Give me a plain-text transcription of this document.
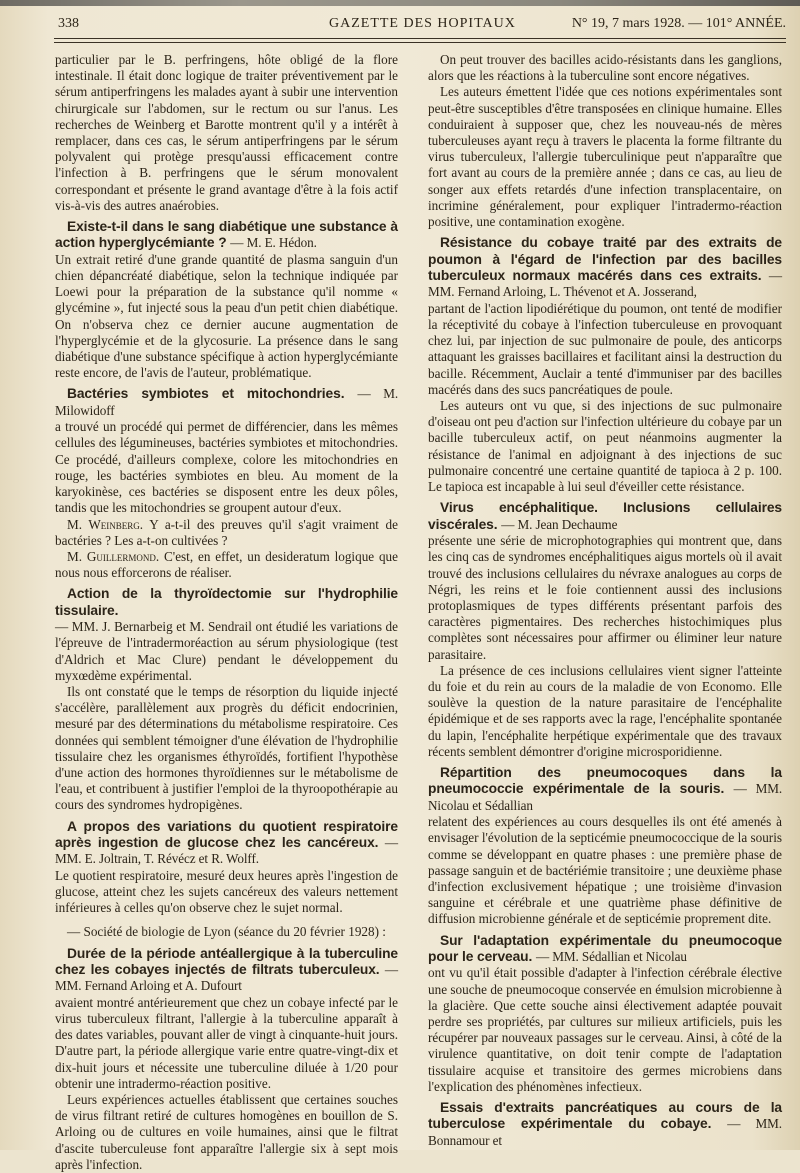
338	GAZETTE DES HOPITAUX	N° 19, 7 mars 1928. — 101° ANNÉE.

particulier par le B. perfringens, hôte obligé de la flore intestinale. Il était donc logique de traiter préventivement par le sérum antiperfringens les malades ayant à subir une intervention chirurgicale sur l'abdomen, sur le rectum ou sur l'anus. Les recherches de Weinberg et Barotte montrent qu'il y a intérêt à remplacer, dans ces cas, le sérum antiperfringens par le sérum polyvalent qui protège presqu'aussi efficacement contre l'infection à B. perfringens que le sérum monovalent correspondant et présente le grand avantage d'être à la fois actif vis-à-vis des autres anaérobies.

Existe-t-il dans le sang diabétique une substance à action hyperglycémiante ? — M. E. Hédon.

Un extrait retiré d'une grande quantité de plasma sanguin d'un chien dépancréaté diabétique, selon la technique indiquée par Loewi pour la préparation de la substance qu'il nomme « glycémine », fut injecté sous la peau d'un petit chien diabétique. On n'observa chez ce dernier aucune augmentation de l'hyperglycémie et de la glycosurie. La présence dans le sang diabétique d'une substance spécifique à action hyperglycémiante reste encore, de l'avis de l'auteur, problématique.

Bactéries symbiotes et mitochondries. — M. Milowidoff

a trouvé un procédé qui permet de différencier, dans les mêmes cellules des légumineuses, bactéries symbiotes et mitochondries. Ce procédé, d'ailleurs complexe, colore les mitochondries en rouge, les bactéries symbiotes en bleu. Au moment de la karyokinèse, ces bactéries se disposent entre les deux pôles, tandis que les mitochondries se groupent autour d'eux.

M. Weinberg. Y a-t-il des preuves qu'il s'agit vraiment de bactéries ? Les a-t-on cultivées ?

M. Guillermond. C'est, en effet, un desideratum logique que nous nous efforcerons de réaliser.

Action de la thyroïdectomie sur l'hydrophilie tissulaire.

— MM. J. Bernarbeig et M. Sendrail ont étudié les variations de l'épreuve de l'intradermoréaction au sérum physiologique (test d'Aldrich et Mac Clure) pendant le développement du myxœdème expérimental.

Ils ont constaté que le temps de résorption du liquide injecté s'accélère, parallèlement aux progrès du déficit endocrinien, mesuré par des déterminations du métabolisme respiratoire. Ces données qui semblent témoigner d'une élévation de l'hydrophilie tissulaire chez les organismes éthyroïdés, fortifient l'hypothèse d'une action des hormones thyroïdiennes sur le métabolisme de l'eau, et contribuent à justifier l'emploi de la thyroopothérapie au cours des syndromes hydropigènes.

A propos des variations du quotient respiratoire après ingestion de glucose chez les cancéreux. — MM. E. Joltrain, T. Révécz et R. Wolff.

Le quotient respiratoire, mesuré deux heures après l'ingestion de glucose, atteint chez les sujets cancéreux des valeurs nettement inférieures à celles qu'on observe chez le sujet normal.

— Société de biologie de Lyon (séance du 20 février 1928) :

Durée de la période antéallergique à la tuberculine chez les cobayes injectés de filtrats tuberculeux. — MM. Fernand Arloing et A. Dufourt

avaient montré antérieurement que chez un cobaye infecté par le virus tuberculeux filtrant, l'allergie à la tuberculine apparaît à des dates variables, pouvant aller de vingt à cinquante-huit jours. D'autre part, la période allergique varie entre quatre-vingt-dix et dix-huit jours et nécessite une tuberculine diluée à 1/20 pour obtenir une intradermo-réaction positive.

Leurs expériences actuelles établissent que certaines souches de virus filtrant retiré de cultures homogènes en bouillon de S. Arloing ou de cultures en voile humaines, ainsi que le filtrat d'ascite tuberculeuse font apparaître l'allergie six à sept mois après l'infection.

On peut trouver des bacilles acido-résistants dans les ganglions, alors que les réactions à la tuberculine sont encore négatives.

Les auteurs émettent l'idée que ces notions expérimentales sont peut-être susceptibles d'être transposées en clinique humaine. Elles conduiraient à supposer que, chez les nouveau-nés de mères tuberculeuses ayant reçu à travers le placenta la forme filtrante du virus tuberculeux, l'allergie tuberculinique peut n'apparaître que fort avant au cours de la première année ; dans ce cas, au lieu de songer aux effets retardés d'une infection transplacentaire, on incrimine généralement, pour expliquer l'intradermo-réaction positive, une contamination exogène.

Résistance du cobaye traité par des extraits de poumon à l'égard de l'infection par des bacilles tuberculeux normaux macérés dans ces extraits. — MM. Fernand Arloing, L. Thévenot et A. Josserand,

partant de l'action lipodiérétique du poumon, ont tenté de modifier la réceptivité du cobaye à l'infection tuberculeuse en provoquant chez lui, par injection de suc pulmonaire de poule, des anticorps attaquant les graisses bacillaires et facilitant ainsi la destruction du bacille. Récemment, Auclair a tenté d'immuniser par des bacilles macérés dans des sucs pancréatiques de poule.

Les auteurs ont vu que, si des injections de suc pulmonaire d'oiseau ont peu d'action sur l'infection ultérieure du cobaye par un bacille tuberculeux actif, on peut néanmoins augmenter la résistance de l'animal en adjoignant à des injections de suc pulmonaire concentré une certaine quantité de tapioca à 2 p. 100. Le tapioca est incapable à lui seul d'éveiller cette résistance.

Virus encéphalitique. Inclusions cellulaires viscérales. — M. Jean Dechaume

présente une série de microphotographies qui montrent que, dans les cinq cas de syndromes encéphalitiques aigus mortels où il avait trouvé des inclusions cellulaires du névraxe analogues au corps de Négri, les reins et le foie contiennent aussi des inclusions protoplasmiques de types différents présentant parfois des caractères pigmentaires. Des recherches histochimiques plus complètes sont nécessaires pour affirmer ou éliminer leur nature parasitaire.

La présence de ces inclusions cellulaires vient signer l'atteinte du foie et du rein au cours de la maladie de von Economo. Elle soulève la question de la nature parasitaire de l'encéphalite épidémique et de ses rapports avec la rage, l'encéphalite spontanée du lapin, l'encéphalite herpétique expérimentale que des travaux récents semblent démontrer d'origine microsporidienne.

Répartition des pneumocoques dans la pneumococcie expérimentale de la souris. — MM. Nicolau et Sédallian

relatent des expériences au cours desquelles ils ont été amenés à envisager l'évolution de la septicémie pneumococcique de la souris comme se développant en quatre phases : une première phase de passage sanguin et de bactériémie transitoire ; une deuxième phase d'infection exclusivement hépatique ; une troisième d'invasion sanguine et cérébrale et une quatrième phase définitive de diffusion microbienne générale et de septicémie proprement dite.

Sur l'adaptation expérimentale du pneumocoque pour le cerveau. — MM. Sédallian et Nicolau

ont vu qu'il était possible d'adapter à l'infection cérébrale élective une souche de pneumocoque conservée en émulsion microbienne à la glacière. Que cette souche ainsi électivement adaptée pouvait perdre ses propriétés, par cultures sur milieux artificiels, puis les récupérer par nouveaux passages sur le cerveau. Ainsi, à côté de la virulence quantitative, on doit tenir compte de l'adaptation tissulaire acquise et transitoire des germes microbiens dans l'explication des phénomènes infectieux.

Essais d'extraits pancréatiques au cours de la tuberculose expérimentale du cobaye. — MM. Bonnamour et
